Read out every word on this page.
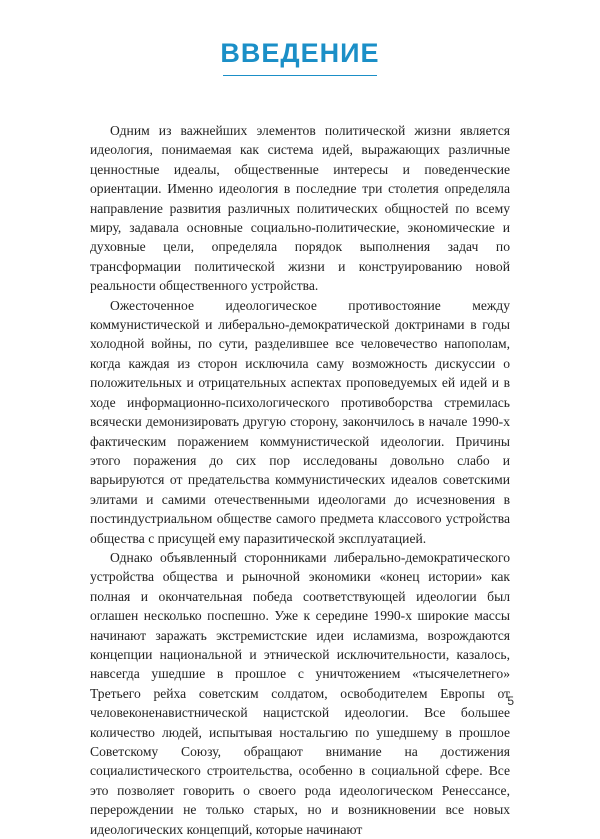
ВВЕДЕНИЕ

Одним из важнейших элементов политической жизни является идеология, понимаемая как система идей, выражающих различные ценностные идеалы, общественные интересы и поведенческие ориентации. Именно идеология в последние три столетия определяла направление развития различных политических общностей по всему миру, задавала основные социально-политические, экономические и духовные цели, определяла порядок выполнения задач по трансформации политической жизни и конструированию новой реальности общественного устройства.

Ожесточенное идеологическое противостояние между коммунистической и либерально-демократической доктринами в годы холодной войны, по сути, разделившее все человечество напополам, когда каждая из сторон исключила саму возможность дискуссии о положительных и отрицательных аспектах проповедуемых ей идей и в ходе информационно-психологического противоборства стремилась всячески демонизировать другую сторону, закончилось в начале 1990-х фактическим поражением коммунистической идеологии. Причины этого поражения до сих пор исследованы довольно слабо и варьируются от предательства коммунистических идеалов советскими элитами и самими отечественными идеологами до исчезновения в постиндустриальном обществе самого предмета классового устройства общества с присущей ему паразитической эксплуатацией.

Однако объявленный сторонниками либерально-демократического устройства общества и рыночной экономики «конец истории» как полная и окончательная победа соответствующей идеологии был оглашен несколько поспешно. Уже к середине 1990-х широкие массы начинают заражать экстремистские идеи исламизма, возрождаются концепции национальной и этнической исключительности, казалось, навсегда ушедшие в прошлое с уничтожением «тысячелетнего» Третьего рейха советским солдатом, освободителем Европы от человеконенавистнической нацистской идеологии. Все большее количество людей, испытывая ностальгию по ушедшему в прошлое Советскому Союзу, обращают внимание на достижения социалистического строительства, особенно в социальной сфере. Все это позволяет говорить о своего рода идеологическом Ренессансе, перерождении не только старых, но и возникновении все новых идеологических концепций, которые начинают

5
